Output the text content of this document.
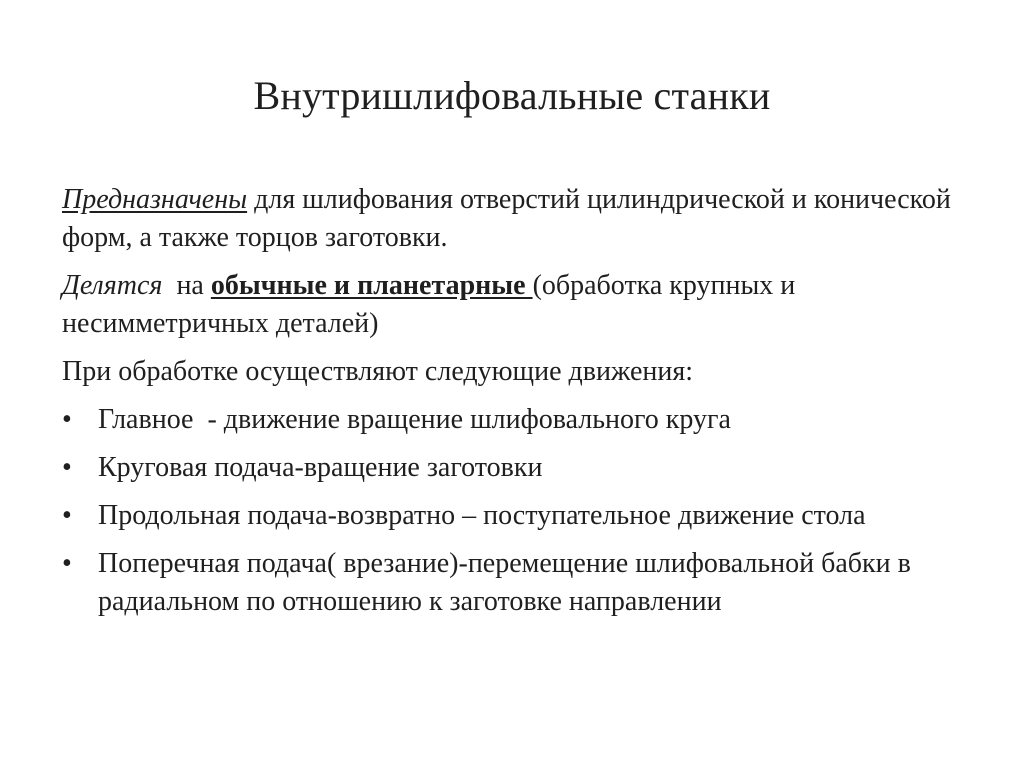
Внутришлифовальные станки

Предназначены для шлифования отверстий цилиндрической и конической форм, а также торцов заготовки.

Делятся  на обычные и планетарные (обработка крупных и несимметричных деталей)

При обработке осуществляют следующие движения:

• Главное  - движение вращение шлифовального круга
• Круговая подача-вращение заготовки
• Продольная подача-возвратно – поступательное движение стола
• Поперечная подача( врезание)-перемещение шлифовальной бабки в радиальном по отношению к заготовке направлении
